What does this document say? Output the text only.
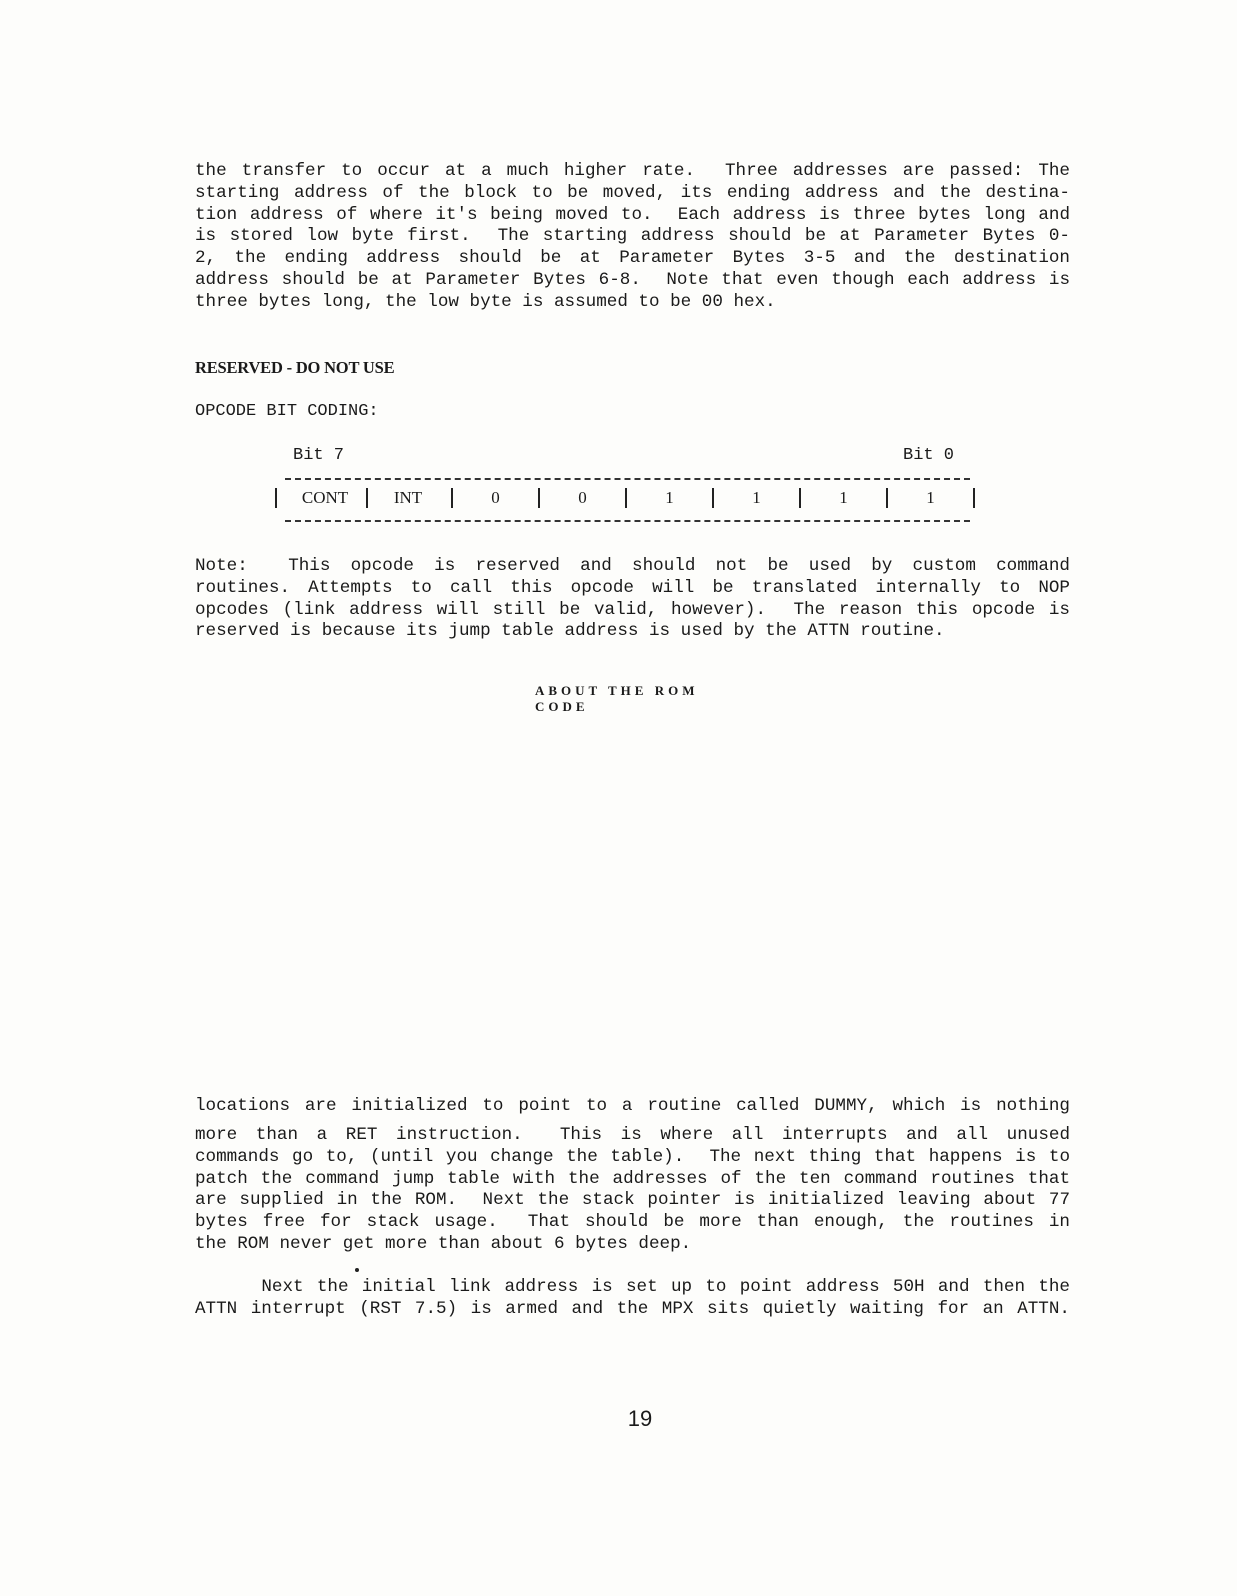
the transfer to occur at a much higher rate.  Three addresses are passed: The
starting address of the block to be moved, its ending address and the destina-
tion address of where it's being moved to.  Each address is three bytes long and
is stored low byte first.  The starting address should be at Parameter Bytes 0-
2, the ending address should be at Parameter Bytes 3-5 and the destination
address should be at Parameter Bytes 6-8.  Note that even though each address is
three bytes long, the low byte is assumed to be 00 hex.
RESERVED - DO NOT USE
OPCODE BIT CODING:
Bit 7	Bit 0
CONT	INT	0	0	1	1	1	1
Note:  This opcode is reserved and should not be used by custom command
routines. Attempts to call this opcode will be translated internally to NOP
opcodes (link address will still be valid, however).  The reason this opcode is
reserved is because its jump table address is used by the ATTN routine.
ABOUT THE ROM CODE
locations are initialized to point to a routine called DUMMY, which is nothing
more than a RET instruction.  This is where all interrupts and all unused
commands go to, (until you change the table).  The next thing that happens is to
patch the command jump table with the addresses of the ten command routines that
are supplied in the ROM.  Next the stack pointer is initialized leaving about 77
bytes free for stack usage.  That should be more than enough, the routines in
the ROM never get more than about 6 bytes deep.
Next the initial link address is set up to point address 50H and then the
ATTN interrupt (RST 7.5) is armed and the MPX sits quietly waiting for an ATTN.
19
